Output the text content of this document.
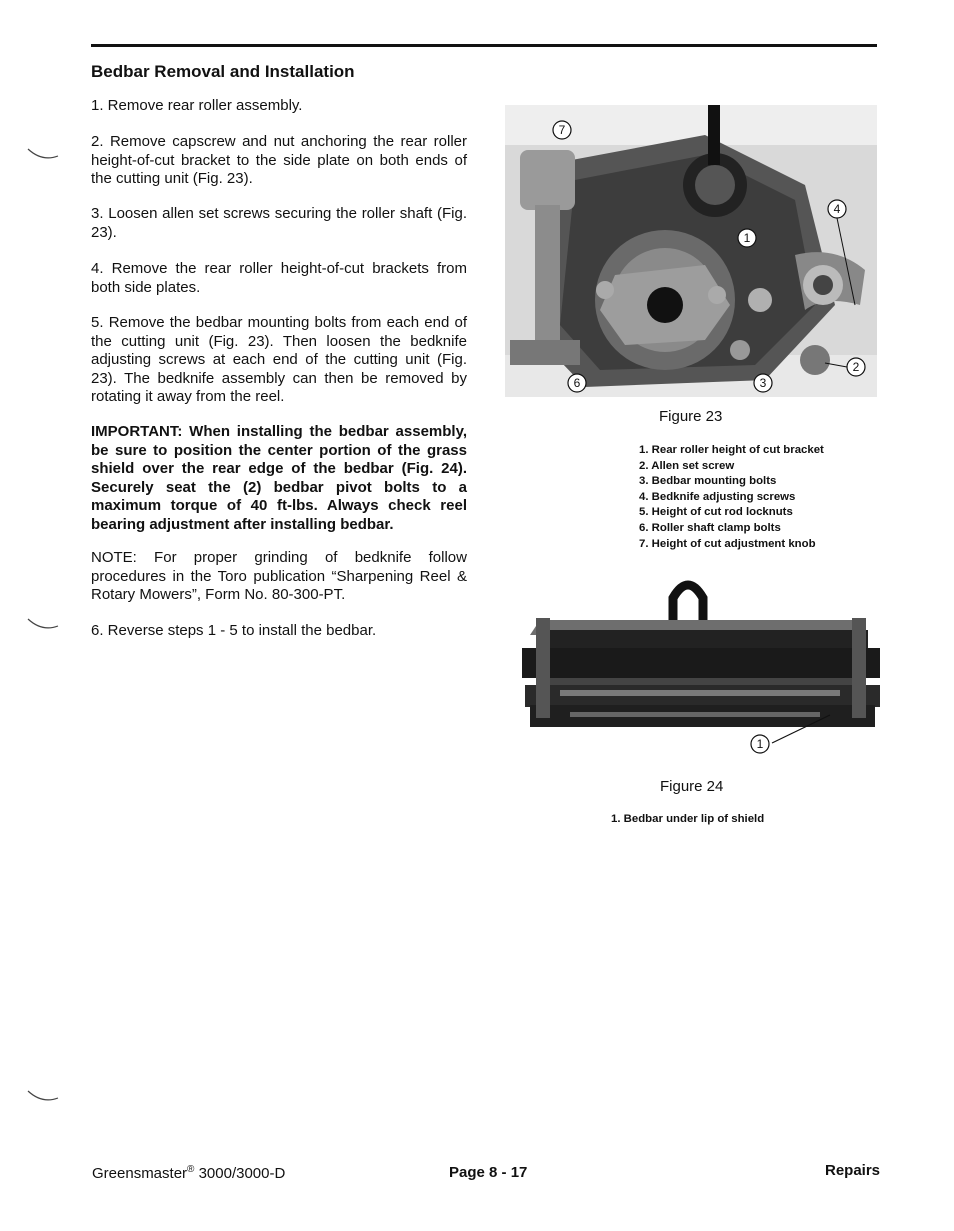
Bedbar Removal and Installation
1. Remove rear roller assembly.
2. Remove capscrew and nut anchoring the rear roller height-of-cut bracket to the side plate on both ends of the cutting unit (Fig. 23).
3. Loosen allen set screws securing the roller shaft (Fig. 23).
4. Remove the rear roller height-of-cut brackets from both side plates.
5. Remove the bedbar mounting bolts from each end of the cutting unit (Fig. 23). Then loosen the bedknife adjusting screws at each end of the cutting unit (Fig. 23). The bedknife assembly can then be removed by rotating it away from the reel.
IMPORTANT: When installing the bedbar assembly, be sure to position the center portion of the grass shield over the rear edge of the bedbar (Fig. 24). Securely seat the (2) bedbar pivot bolts to a maximum torque of 40 ft-lbs. Always check reel bearing adjustment after installing bedbar.
NOTE: For proper grinding of bedknife follow procedures in the Toro publication “Sharpening Reel & Rotary Mowers”, Form No. 80-300-PT.
6. Reverse steps 1 - 5 to install the bedbar.
7
4
1
2
6	3
Figure 23
1. Rear roller height of cut bracket
2. Allen set screw
3. Bedbar mounting bolts
4. Bedknife adjusting screws
5. Height of cut rod locknuts
6. Roller shaft clamp bolts
7. Height of cut adjustment knob
1
Figure 24
1. Bedbar under lip of shield
Greensmaster® 3000/3000-D	Page 8 - 17	Repairs
